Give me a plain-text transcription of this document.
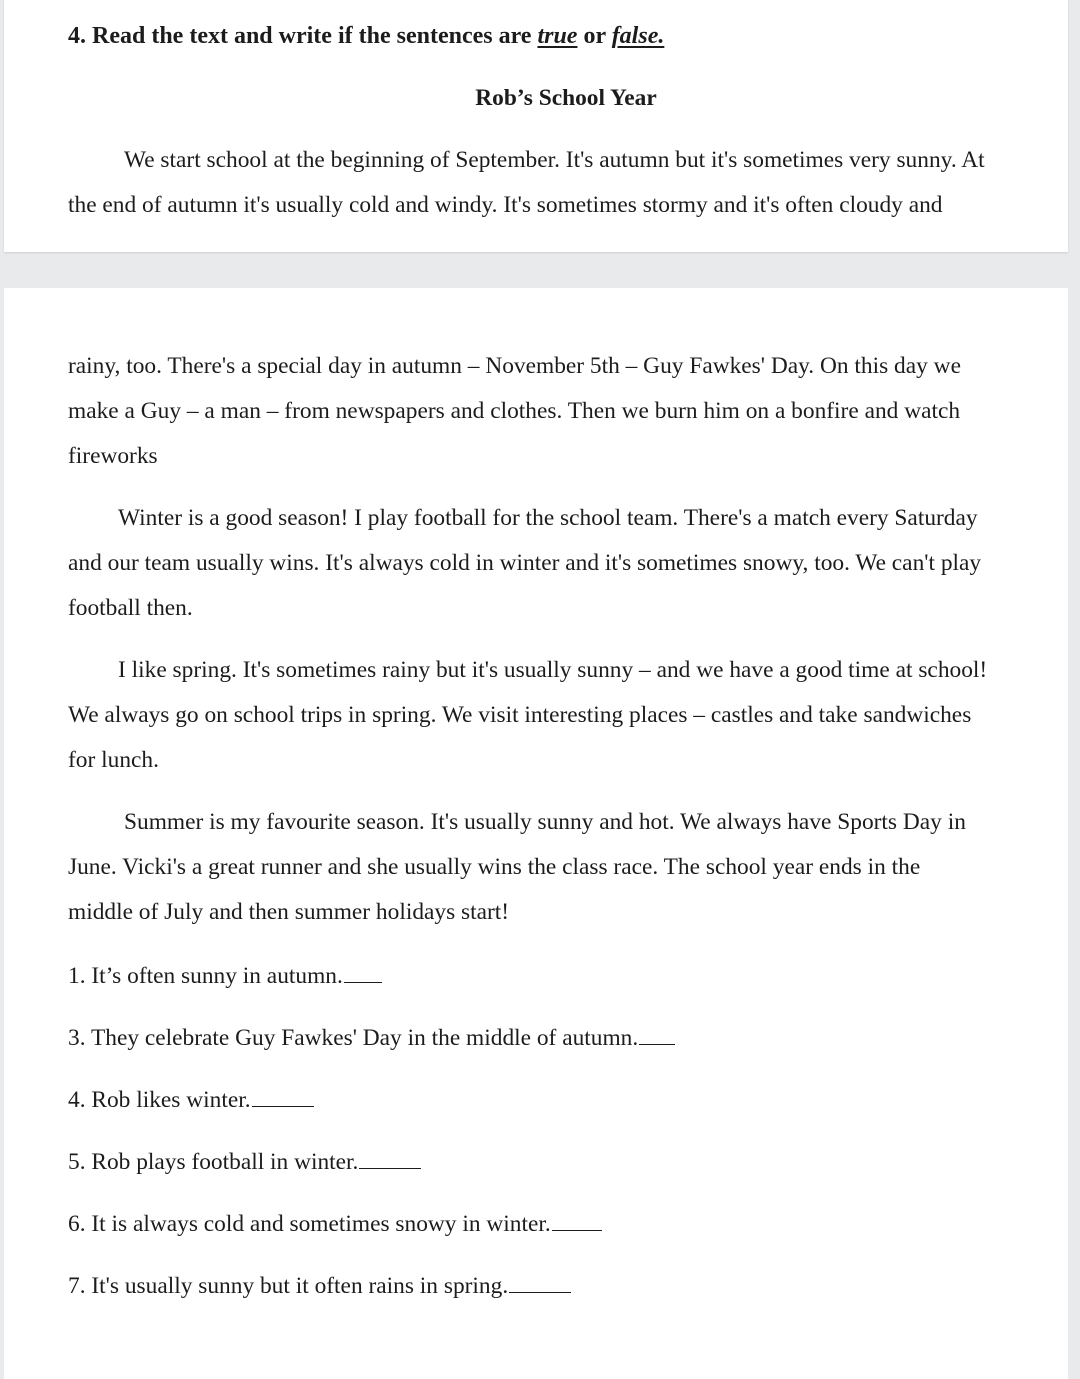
4. Read the text and write if the sentences are true or false.
Rob’s School Year
We start school at the beginning of September. It's autumn but it's sometimes very sunny. At
the end of autumn it's usually cold and windy. It's sometimes stormy and it's often cloudy and
rainy, too. There's a special day in autumn – November 5th – Guy Fawkes' Day. On this day we
make a Guy – a man – from newspapers and clothes. Then we burn him on a bonfire and watch
fireworks
Winter is a good season! I play football for the school team. There's a match every Saturday
and our team usually wins. It's always cold in winter and it's sometimes snowy, too. We can't play
football then.
I like spring. It's sometimes rainy but it's usually sunny – and we have a good time at school!
We always go on school trips in spring. We visit interesting places – castles and take sandwiches
for lunch.
Summer is my favourite season. It's usually sunny and hot. We always have Sports Day in
June. Vicki's a great runner and she usually wins the class race. The school year ends in the
middle of July and then summer holidays start!
1. It’s often sunny in autumn.
3. They celebrate Guy Fawkes' Day in the middle of autumn.
4. Rob likes winter.
5. Rob plays football in winter.
6. It is always cold and sometimes snowy in winter.
7. It's usually sunny but it often rains in spring.
